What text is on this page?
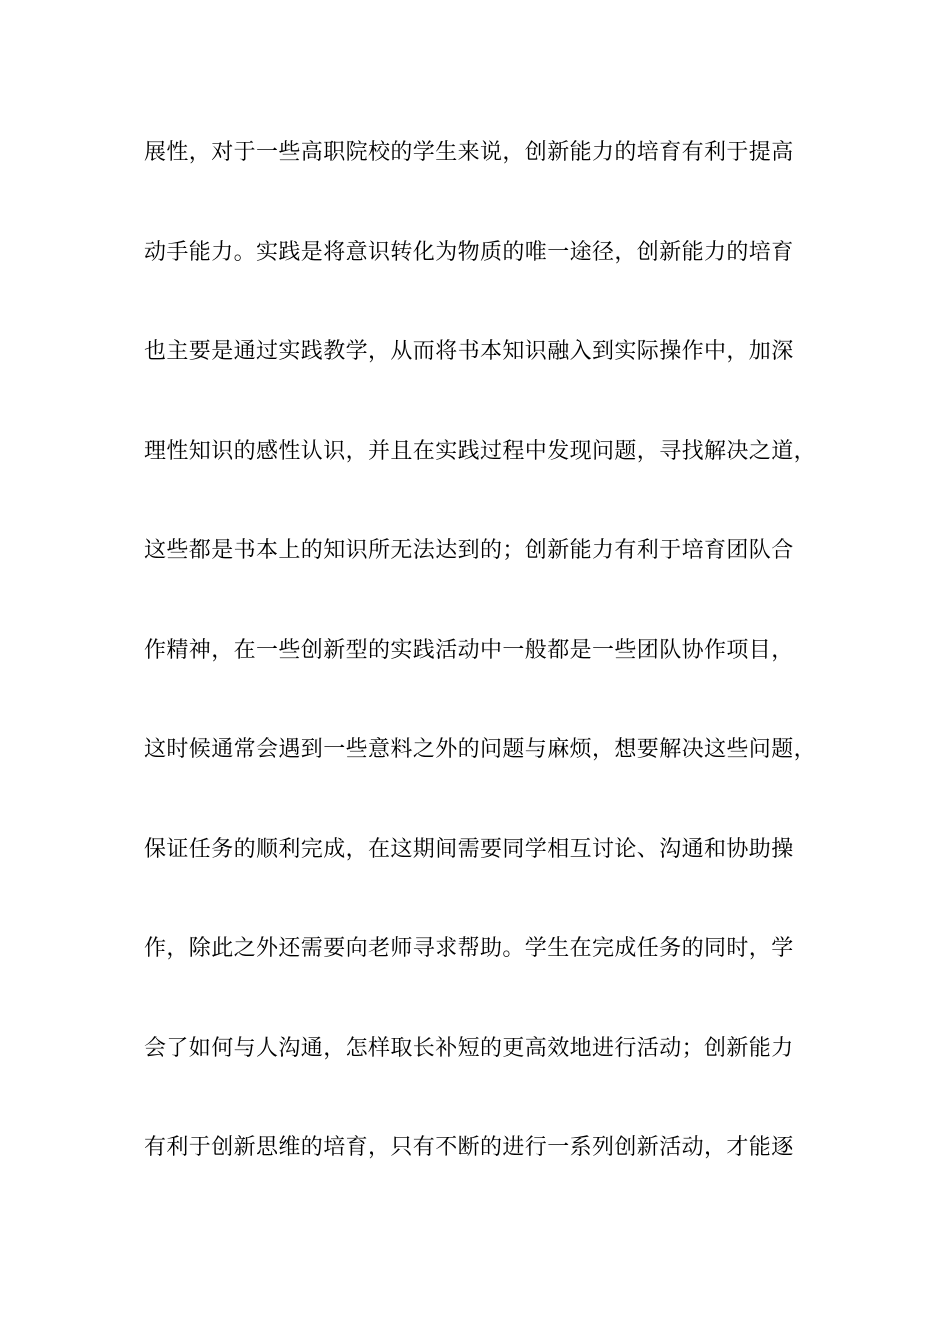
展性，对于一些高职院校的学生来说，创新能力的培育有利于提高
动手能力。实践是将意识转化为物质的唯一途径，创新能力的培育
也主要是通过实践教学，从而将书本知识融入到实际操作中，加深
理性知识的感性认识，并且在实践过程中发现问题，寻找解决之道，
这些都是书本上的知识所无法达到的；创新能力有利于培育团队合
作精神，在一些创新型的实践活动中一般都是一些团队协作项目，
这时候通常会遇到一些意料之外的问题与麻烦，想要解决这些问题，
保证任务的顺利完成，在这期间需要同学相互讨论、沟通和协助操
作，除此之外还需要向老师寻求帮助。学生在完成任务的同时，学
会了如何与人沟通，怎样取长补短的更高效地进行活动；创新能力
有利于创新思维的培育，只有不断的进行一系列创新活动，才能逐
